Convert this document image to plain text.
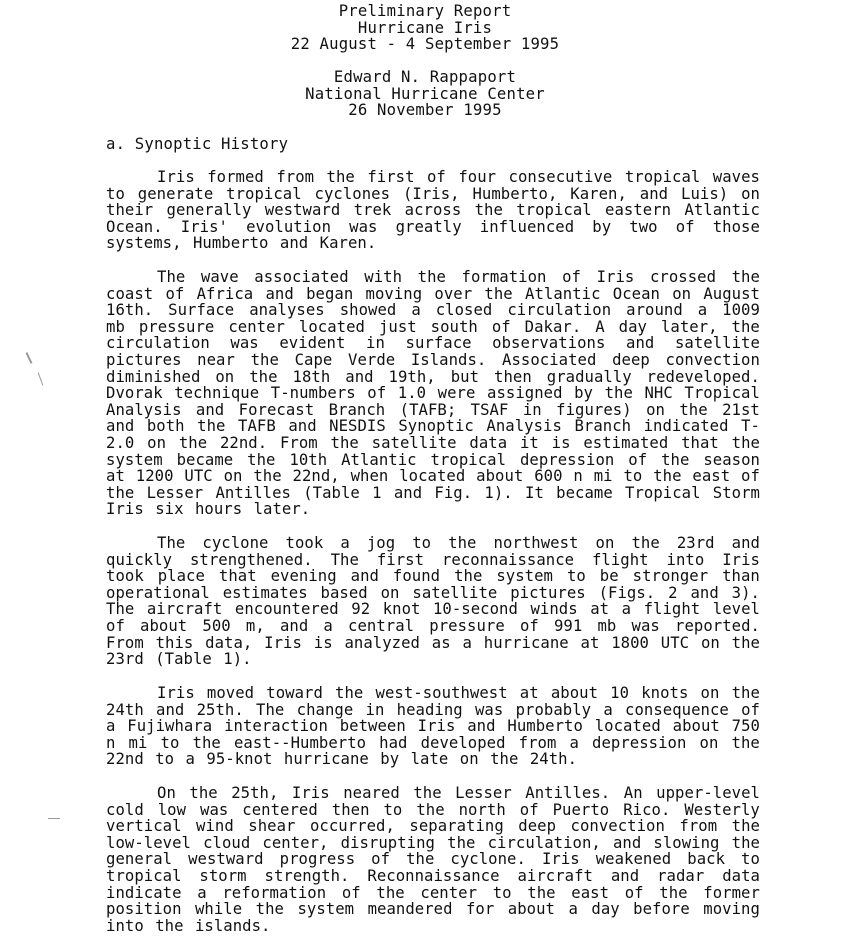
Preliminary Report
Hurricane Iris
22 August - 4 September 1995
Edward N. Rappaport
National Hurricane Center
26 November 1995
a. Synoptic History
Iris formed from the first of four consecutive tropical waves
to generate tropical cyclones (Iris, Humberto, Karen, and Luis) on
their generally westward trek across the tropical eastern Atlantic
Ocean. Iris' evolution was greatly influenced by two of those
systems, Humberto and Karen.
The wave associated with the formation of Iris crossed the
coast of Africa and began moving over the Atlantic Ocean on August
16th. Surface analyses showed a closed circulation around a 1009
mb pressure center located just south of Dakar. A day later, the
circulation was evident in surface observations and satellite
pictures near the Cape Verde Islands. Associated deep convection
diminished on the 18th and 19th, but then gradually redeveloped.
Dvorak technique T-numbers of 1.0 were assigned by the NHC Tropical
Analysis and Forecast Branch (TAFB; TSAF in figures) on the 21st
and both the TAFB and NESDIS Synoptic Analysis Branch indicated T-
2.0 on the 22nd. From the satellite data it is estimated that the
system became the 10th Atlantic tropical depression of the season
at 1200 UTC on the 22nd, when located about 600 n mi to the east of
the Lesser Antilles (Table 1 and Fig. 1). It became Tropical Storm
Iris six hours later.
The cyclone took a jog to the northwest on the 23rd and
quickly strengthened. The first reconnaissance flight into Iris
took place that evening and found the system to be stronger than
operational estimates based on satellite pictures (Figs. 2 and 3).
The aircraft encountered 92 knot 10-second winds at a flight level
of about 500 m, and a central pressure of 991 mb was reported.
From this data, Iris is analyzed as a hurricane at 1800 UTC on the
23rd (Table 1).
Iris moved toward the west-southwest at about 10 knots on the
24th and 25th. The change in heading was probably a consequence of
a Fujiwhara interaction between Iris and Humberto located about 750
n mi to the east--Humberto had developed from a depression on the
22nd to a 95-knot hurricane by late on the 24th.
On the 25th, Iris neared the Lesser Antilles. An upper-level
cold low was centered then to the north of Puerto Rico. Westerly
vertical wind shear occurred, separating deep convection from the
low-level cloud center, disrupting the circulation, and slowing the
general westward progress of the cyclone. Iris weakened back to
tropical storm strength. Reconnaissance aircraft and radar data
indicate a reformation of the center to the east of the former
position while the system meandered for about a day before moving
into the islands.
